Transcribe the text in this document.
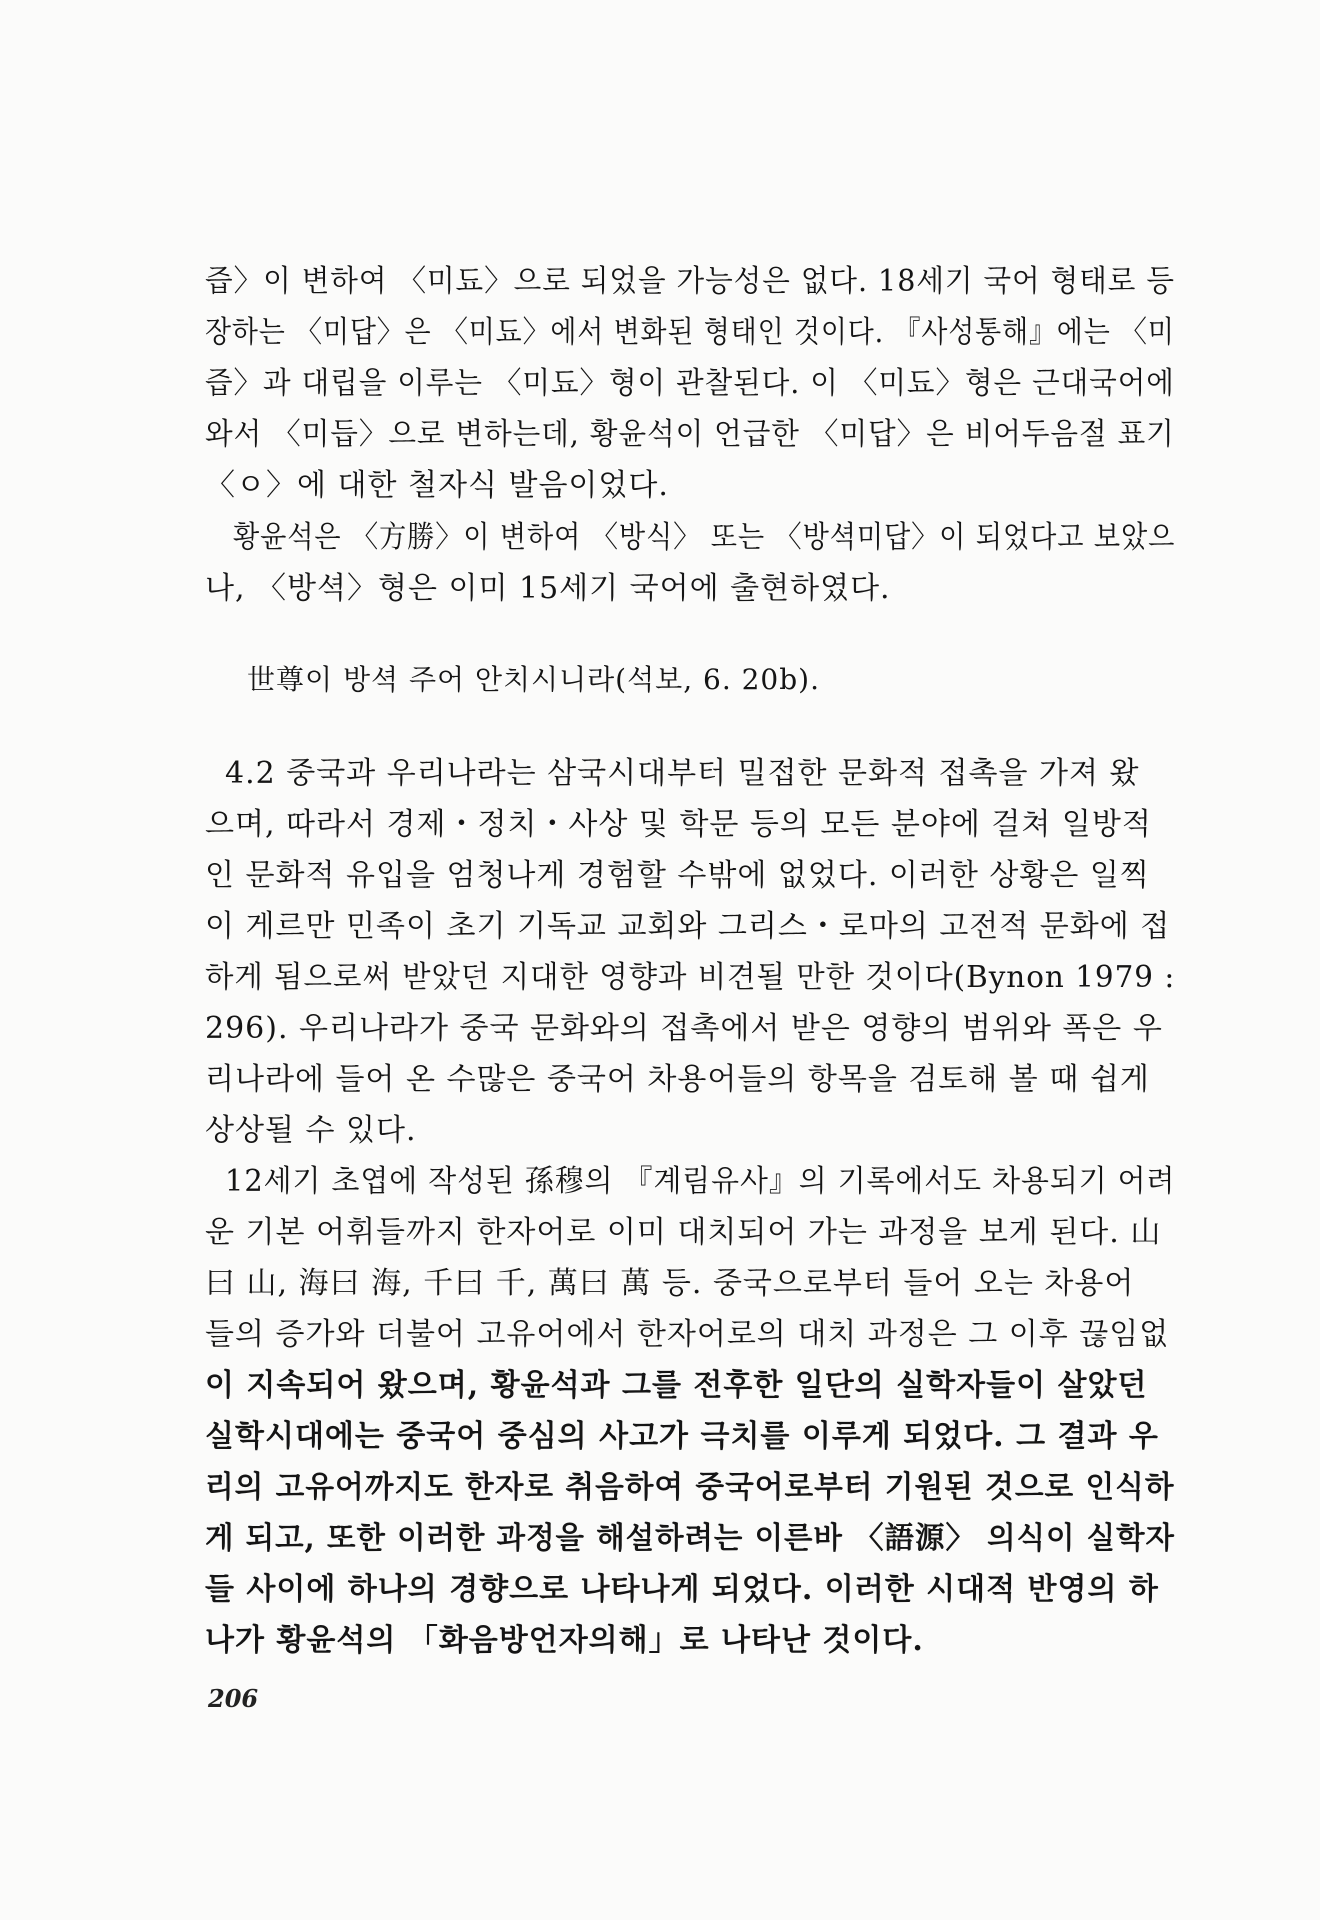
즙〉이 변하여 〈미됴〉으로 되었을 가능성은 없다. 18세기 국어 형태로 등
장하는 〈미답〉은 〈미됴〉에서 변화된 형태인 것이다. 『사성통해』에는 〈미
즙〉과 대립을 이루는 〈미됴〉형이 관찰된다. 이 〈미됴〉형은 근대국어에
와서 〈미듭〉으로 변하는데, 황윤석이 언급한 〈미답〉은 비어두음절 표기
〈ㅇ〉에 대한 철자식 발음이었다.
황윤석은 〈方勝〉이 변하여 〈방식〉 또는 〈방셕미답〉이 되었다고 보았으
나, 〈방셕〉형은 이미 15세기 국어에 출현하였다.
世尊이 방셕 주어 안치시니라(석보, 6. 20b).
4.2 중국과 우리나라는 삼국시대부터 밀접한 문화적 접촉을 가져 왔
으며, 따라서 경제・정치・사상 및 학문 등의 모든 분야에 걸쳐 일방적
인 문화적 유입을 엄청나게 경험할 수밖에 없었다. 이러한 상황은 일찍
이 게르만 민족이 초기 기독교 교회와 그리스・로마의 고전적 문화에 접
하게 됨으로써 받았던 지대한 영향과 비견될 만한 것이다(Bynon 1979 :
296). 우리나라가 중국 문화와의 접촉에서 받은 영향의 범위와 폭은 우
리나라에 들어 온 수많은 중국어 차용어들의 항목을 검토해 볼 때 쉽게
상상될 수 있다.
12세기 초엽에 작성된 孫穆의 『계림유사』의 기록에서도 차용되기 어려
운 기본 어휘들까지 한자어로 이미 대치되어 가는 과정을 보게 된다. 山
曰 山, 海曰 海, 千曰 千, 萬曰 萬 등. 중국으로부터 들어 오는 차용어
들의 증가와 더불어 고유어에서 한자어로의 대치 과정은 그 이후 끊임없
이 지속되어 왔으며, 황윤석과 그를 전후한 일단의 실학자들이 살았던
실학시대에는 중국어 중심의 사고가 극치를 이루게 되었다. 그 결과 우
리의 고유어까지도 한자로 취음하여 중국어로부터 기원된 것으로 인식하
게 되고, 또한 이러한 과정을 해설하려는 이른바 〈語源〉 의식이 실학자
들 사이에 하나의 경향으로 나타나게 되었다. 이러한 시대적 반영의 하
나가 황윤석의 「화음방언자의해」로 나타난 것이다.
206
